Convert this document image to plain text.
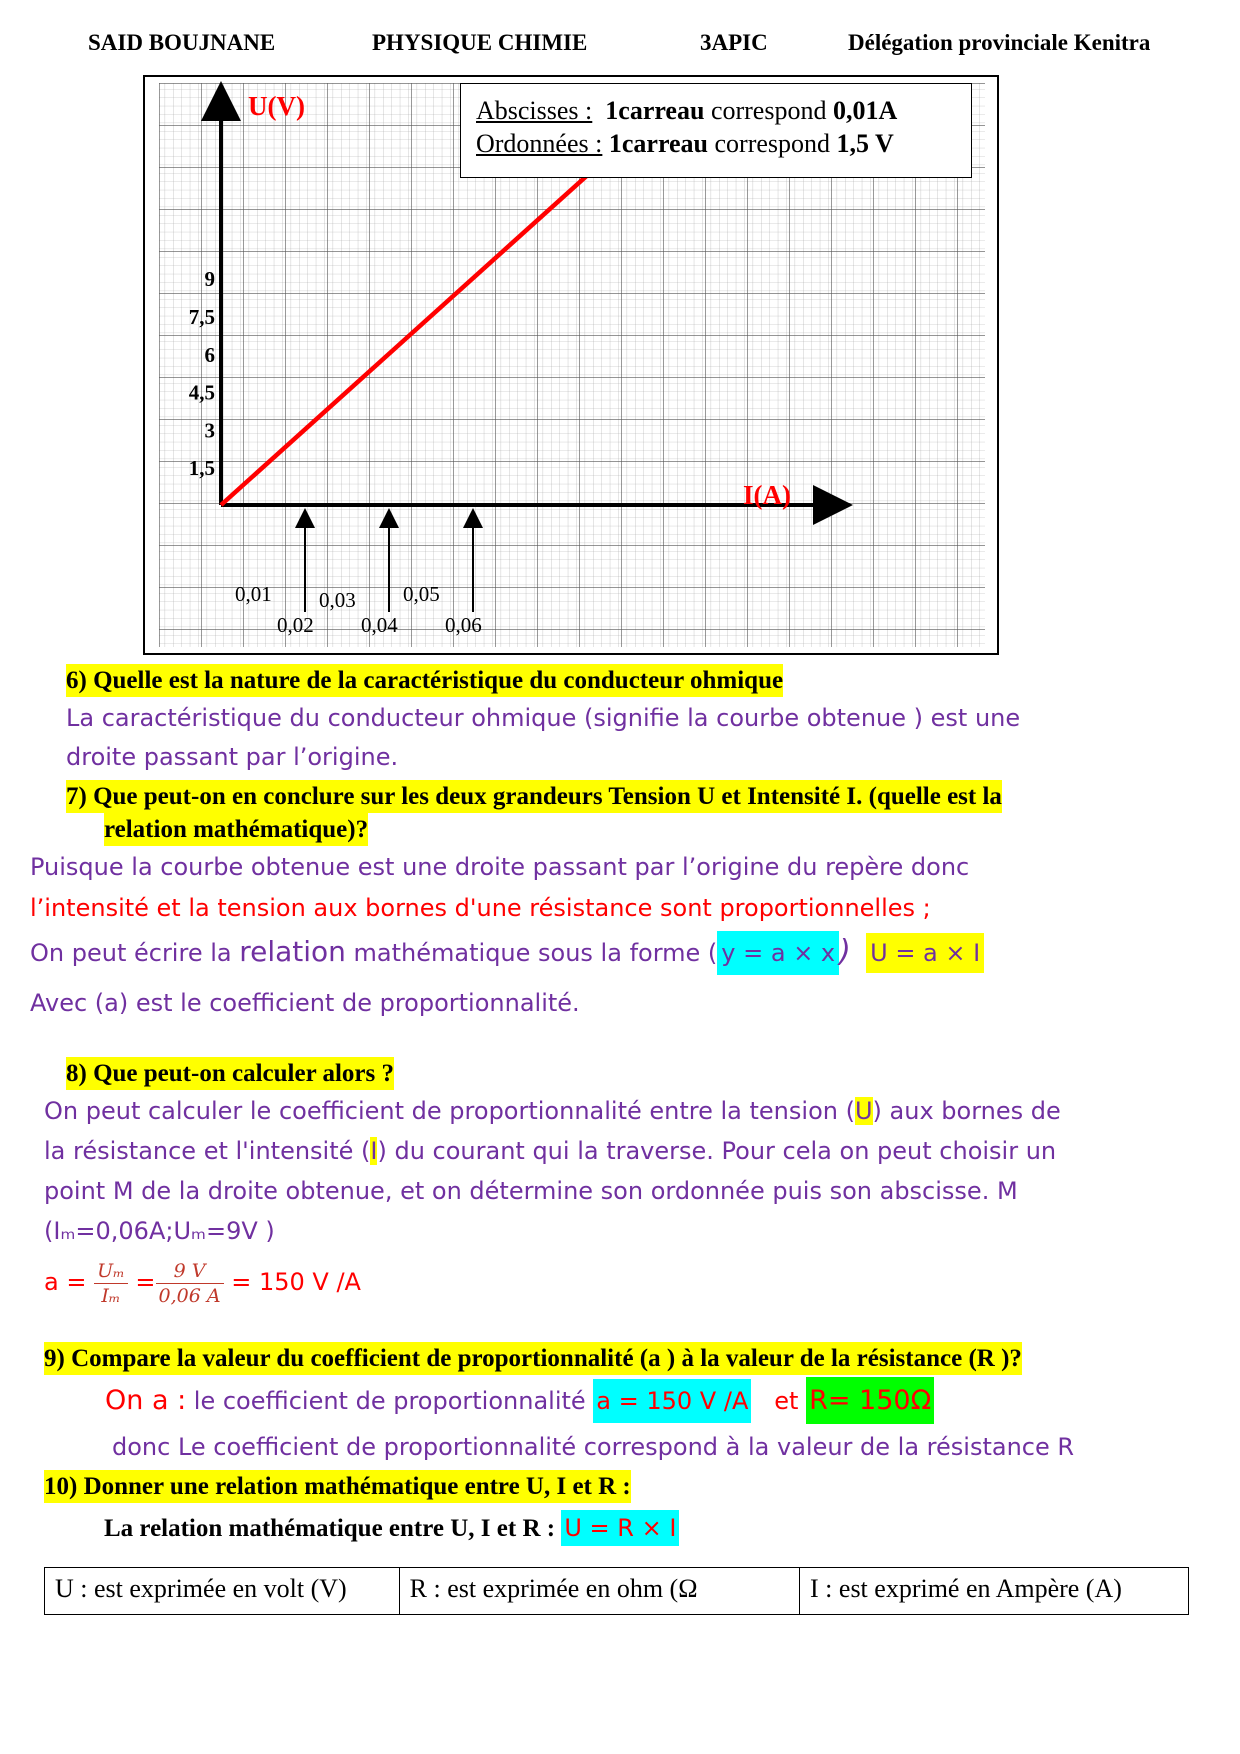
SAID BOUJNANE	PHYSIQUE CHIMIE	3APIC	Délégation provinciale Kenitra
I(A)
U(V)
0,01
0,02
0,03
0,04
0,05
0,06
1,5
3
4,5
6
7,5
9
Abscisses : 1carreau correspond 0,01A
Ordonnées : 1carreau correspond 1,5 V
6) Quelle est la nature de la caractéristique du conducteur ohmique
La caractéristique du conducteur ohmique (signifie la courbe obtenue ) est une
droite passant par l’origine.
7) Que peut-on en conclure sur les deux grandeurs Tension U et Intensité I. (quelle est la
relation mathématique)?
Puisque la courbe obtenue est une droite passant par l’origine du repère donc
l’intensité et la tension aux bornes d'une résistance sont proportionnelles ;
On peut écrire la relation mathématique sous la forme ( y = a × x ) U = a × I
Avec (a) est le coefficient de proportionnalité.
8) Que peut-on calculer alors ?
On peut calculer le coefficient de proportionnalité entre la tension (U) aux bornes de
la résistance et l'intensité (I) du courant qui la traverse. Pour cela on peut choisir un
point M de la droite obtenue, et on détermine son ordonnée puis son abscisse. M
(Iₘ=0,06A;Uₘ=9V )
$a = \frac{\text{Uₘ}}{\text{Iₘ}} = \frac{9 V}{0,06 A} = 150$ V /A
9) Compare la valeur du coefficient de proportionnalité (a ) à la valeur de la résistance (R )?
On a : le coefficient de proportionnalité a = 150 V /A et R= 150Ω
donc Le coefficient de proportionnalité correspond à la valeur de la résistance R
10) Donner une relation mathématique entre U, I et R :
La relation mathématique entre U, I et R : U = R × I
U : est exprimée en volt (V)	R : est exprimée en ohm (Ω	I : est exprimé en Ampère (A)
